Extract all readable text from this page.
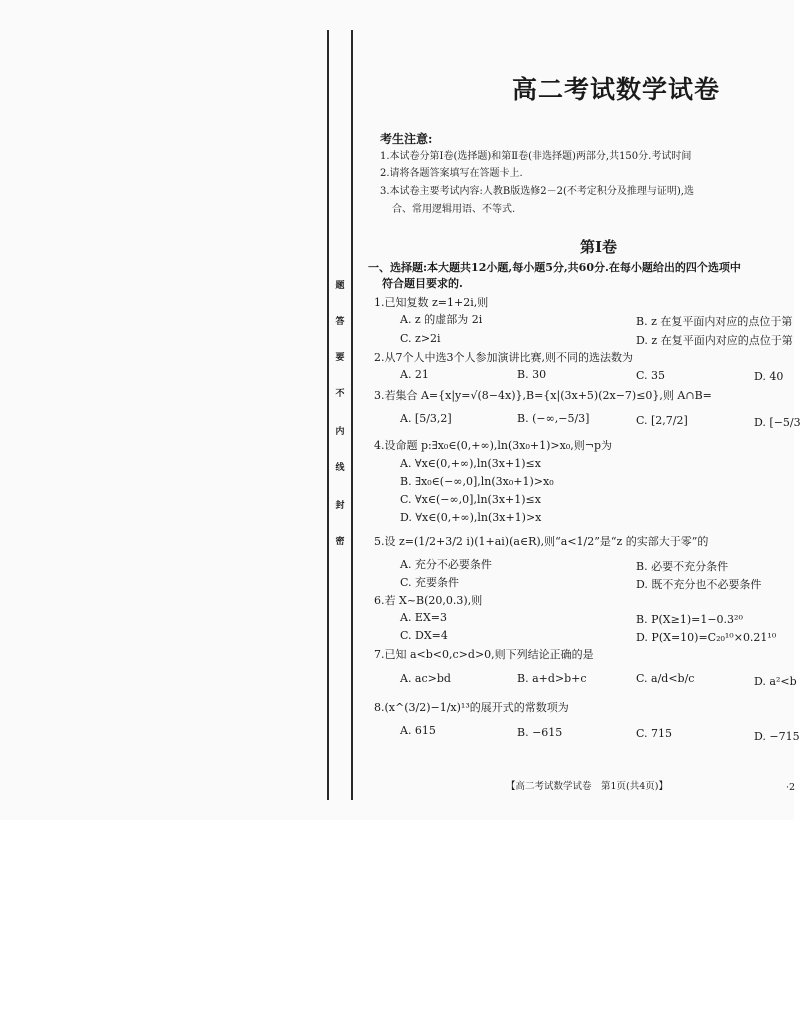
题
答
要
不
内
线
封
密
高二考试数学试卷
考生注意:
1.本试卷分第Ⅰ卷(选择题)和第Ⅱ卷(非选择题)两部分,共150分.考试时间
2.请将各题答案填写在答题卡上.
3.本试卷主要考试内容:人教B版选修2－2(不考定积分及推理与证明),选
合、常用逻辑用语、不等式.
第Ⅰ卷
一、选择题:本大题共12小题,每小题5分,共60分.在每小题给出的四个选项中
符合题目要求的.
1.已知复数 z=1+2i,则
A. z 的虚部为 2i	B. z 在复平面内对应的点位于第
C. z>2i	D. z 在复平面内对应的点位于第
2.从7个人中选3个人参加演讲比赛,则不同的选法数为
A. 21	B. 30	C. 35	D. 40
3.若集合 A={x|y=√(8−4x)},B={x|(3x+5)(2x−7)≤0},则 A∩B=
A. [5/3,2]	B. (−∞,−5/3]	C. [2,7/2]	D. [−5/3
4.设命题 p:∃x₀∈(0,+∞),ln(3x₀+1)>x₀,则¬p为
A. ∀x∈(0,+∞),ln(3x+1)≤x
B. ∃x₀∈(−∞,0],ln(3x₀+1)>x₀
C. ∀x∈(−∞,0],ln(3x+1)≤x
D. ∀x∈(0,+∞),ln(3x+1)>x
5.设 z=(1/2+3/2 i)(1+ai)(a∈R),则“a<1/2”是“z 的实部大于零”的
A. 充分不必要条件	B. 必要不充分条件
C. 充要条件	D. 既不充分也不必要条件
6.若 X~B(20,0.3),则
A. EX=3	B. P(X≥1)=1−0.3²⁰
C. DX=4	D. P(X=10)=C₂₀¹⁰×0.21¹⁰
7.已知 a<b<0,c>d>0,则下列结论正确的是
A. ac>bd	B. a+d>b+c	C. a/d<b/c	D. a²<b
8.(x^(3/2)−1/x)¹³的展开式的常数项为
A. 615	B. −615	C. 715	D. −715
【高二考试数学试卷　第1页(共4页)】	·2
